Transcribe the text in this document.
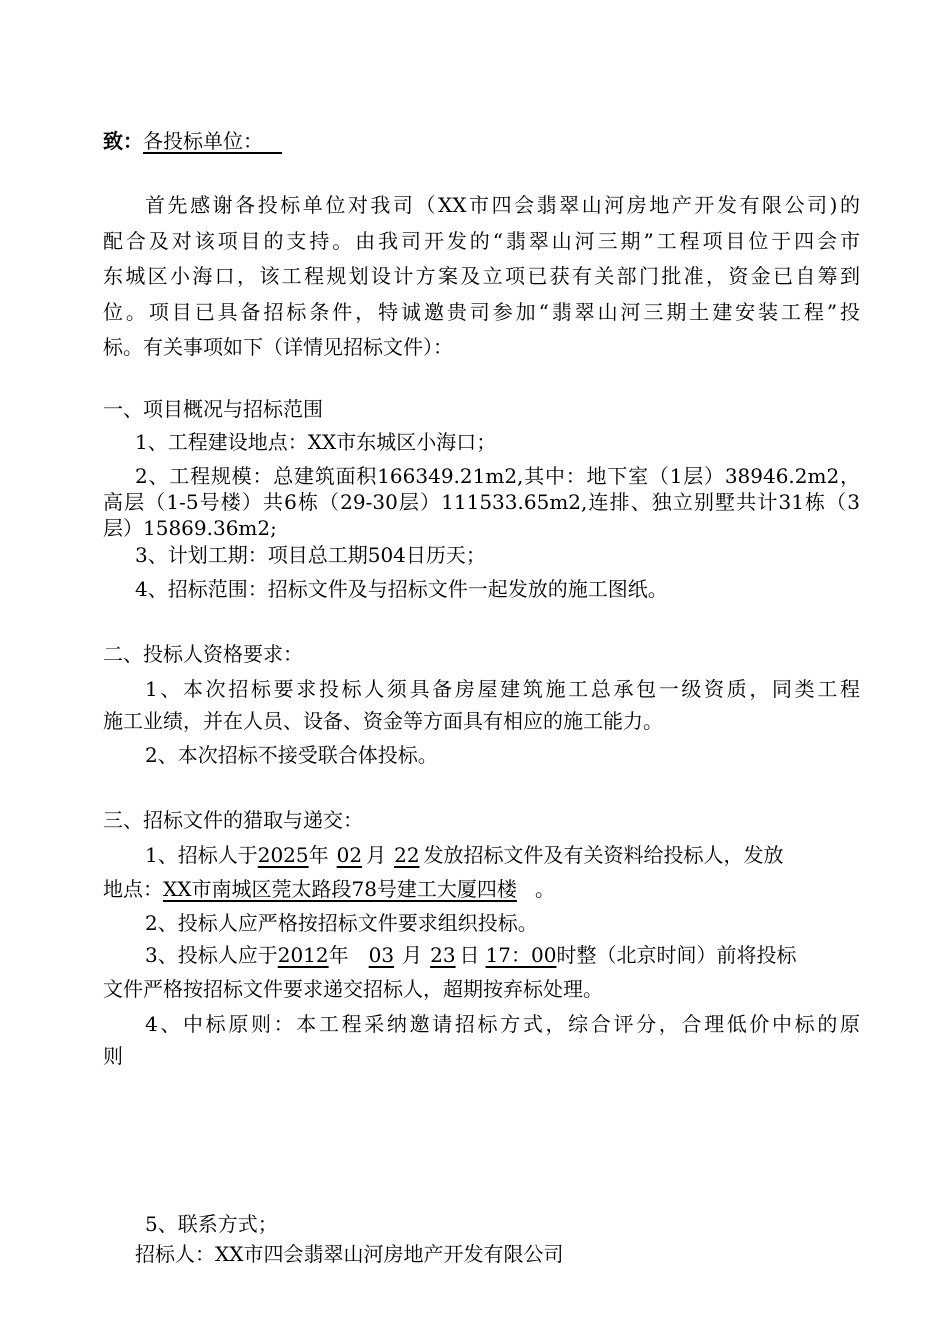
致：各投标单位：
首先感谢各投标单位对我司（XX市四会翡翠山河房地产开发有限公司)的
配合及对该项目的支持。由我司开发的“翡翠山河三期”工程项目位于四会市
东城区小海口，该工程规划设计方案及立项已获有关部门批准，资金已自筹到
位。项目已具备招标条件，特诚邀贵司参加“翡翠山河三期土建安装工程”投
标。有关事项如下（详情见招标文件）：
一、项目概况与招标范围
1、工程建设地点：XX市东城区小海口；
2、工程规模：总建筑面积166349.21m2,其中：地下室（1层）38946.2m2，
高层（1-5号楼）共6栋（29-30层）111533.65m2,连排、独立别墅共计31栋（3
层）15869.36m2;
3、计划工期：项目总工期504日历天；
4、招标范围：招标文件及与招标文件一起发放的施工图纸。
二、投标人资格要求：
1、本次招标要求投标人须具备房屋建筑施工总承包一级资质，同类工程
施工业绩，并在人员、设备、资金等方面具有相应的施工能力。
2、本次招标不接受联合体投标。
三、招标文件的猎取与递交：
1、招标人于2025年 02 月 22 发放招标文件及有关资料给投标人，发放
地点：XX市南城区莞太路段78号建工大厦四楼 。
2、投标人应严格按招标文件要求组织投标。
3、投标人应于2012年 03 月 23 日 17：00时整（北京时间）前将投标
文件严格按招标文件要求递交招标人，超期按弃标处理。
4、中标原则：本工程采纳邀请招标方式，综合评分，合理低价中标的原
则
5、联系方式；
招标人：XX市四会翡翠山河房地产开发有限公司
